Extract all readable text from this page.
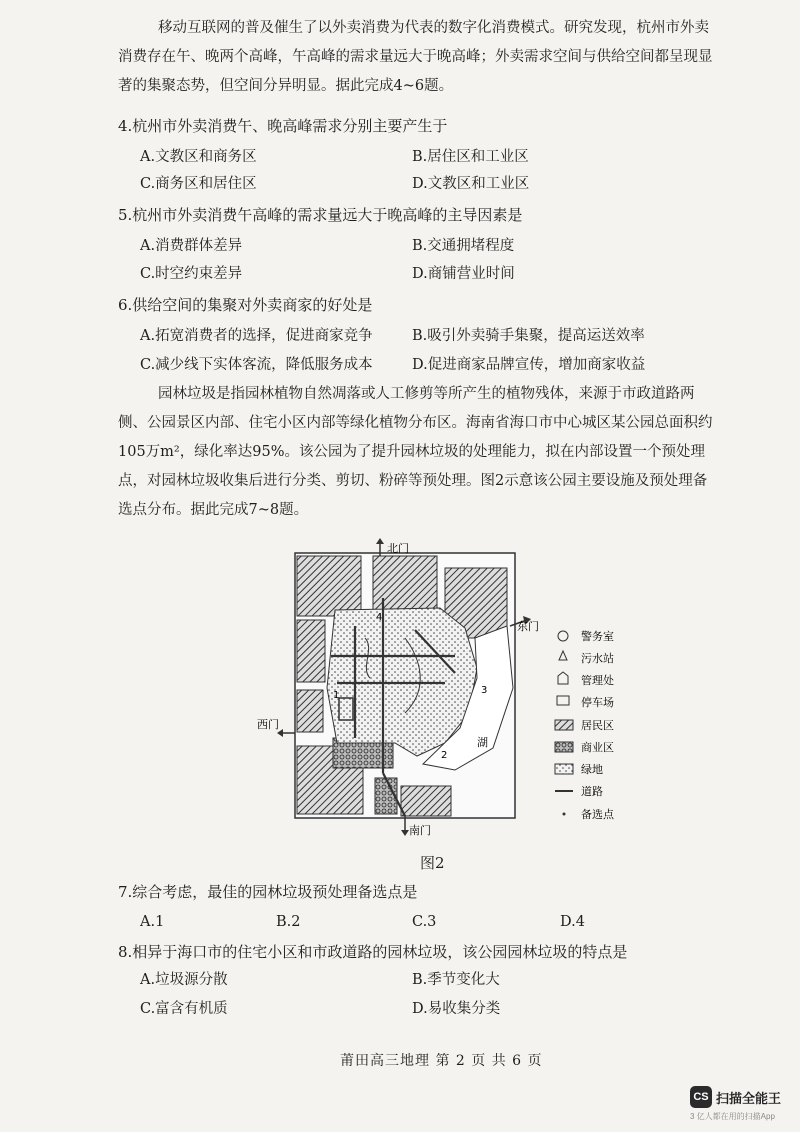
移动互联网的普及催生了以外卖消费为代表的数字化消费模式。研究发现，杭州市外卖消费存在午、晚两个高峰，午高峰的需求量远大于晚高峰；外卖需求空间与供给空间都呈现显著的集聚态势，但空间分异明显。据此完成4~6题。

4.杭州市外卖消费午、晚高峰需求分别主要产生于
A.文教区和商务区	B.居住区和工业区
C.商务区和居住区	D.文教区和工业区
5.杭州市外卖消费午高峰的需求量远大于晚高峰的主导因素是
A.消费群体差异	B.交通拥堵程度
C.时空约束差异	D.商铺营业时间
6.供给空间的集聚对外卖商家的好处是
A.拓宽消费者的选择，促进商家竞争	B.吸引外卖骑手集聚，提高运送效率
C.减少线下实体客流，降低服务成本	D.促进商家品牌宣传，增加商家收益

园林垃圾是指园林植物自然凋落或人工修剪等所产生的植物残体，来源于市政道路两侧、公园景区内部、住宅小区内部等绿化植物分布区。海南省海口市中心城区某公园总面积约105万m²，绿化率达95%。该公园为了提升园林垃圾的处理能力，拟在内部设置一个预处理点，对园林垃圾收集后进行分类、剪切、粉碎等预处理。图2示意该公园主要设施及预处理备选点分布。据此完成7~8题。

北门
东门
西门
南门
湖
1
2
3
4
警务室
污水站
管理处
停车场
居民区
商业区
绿地
道路
备选点
图2
7.综合考虑，最佳的园林垃圾预处理备选点是
A.1	B.2	C.3	D.4
8.相异于海口市的住宅小区和市政道路的园林垃圾，该公园园林垃圾的特点是
A.垃圾源分散	B.季节变化大
C.富含有机质	D.易收集分类
莆田高三地理 第 2 页 共 6 页
CS 扫描全能王
3 亿人都在用的扫描App
